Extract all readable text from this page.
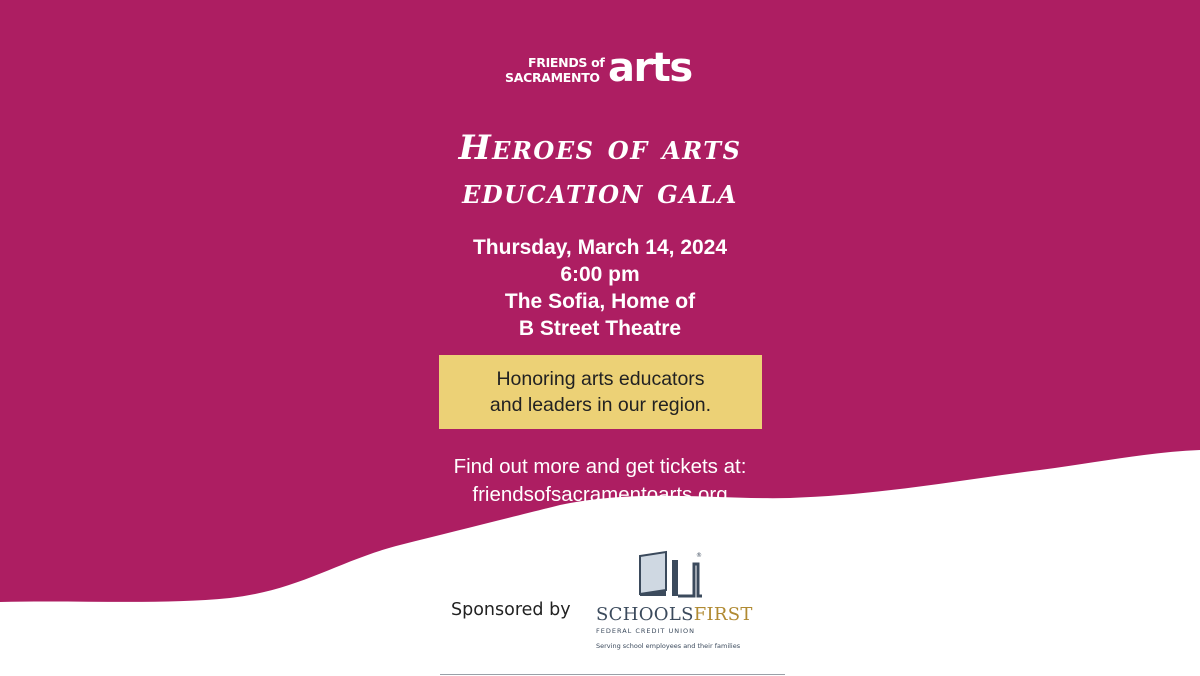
FRIENDS of
SACRAMENTO arts
Heroes of arts
education gala
Thursday, March 14, 2024
6:00 pm
The Sofia, Home of
B Street Theatre
Honoring arts educators
and leaders in our region.
Find out more and get tickets at:
friendsofsacramentoarts.org
Sponsored by
®
SCHOOLSFIRST
FEDERAL CREDIT UNION
Serving school employees and their families
